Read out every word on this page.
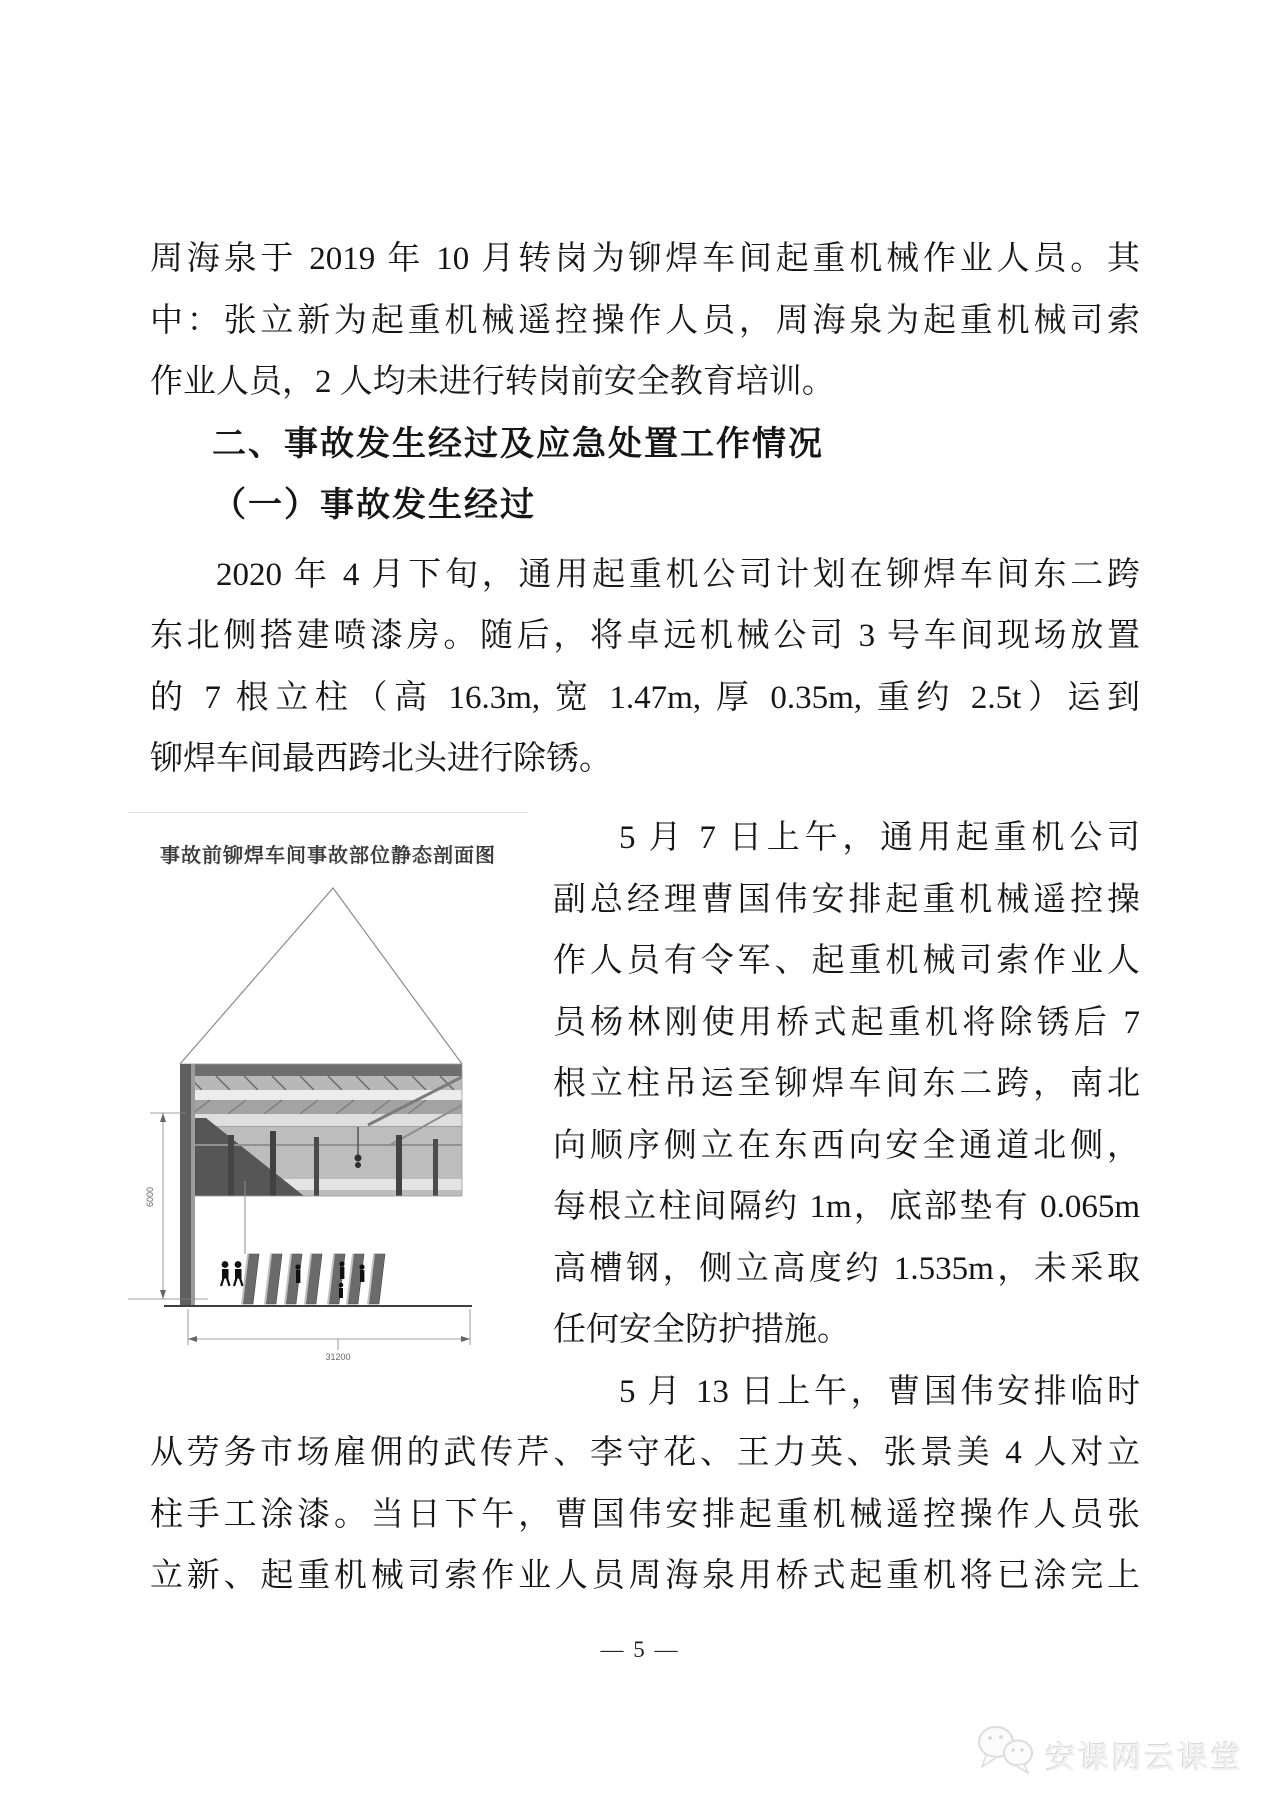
周海泉于 2019 年 10 月转岗为铆焊车间起重机械作业人员。其
中：张立新为起重机械遥控操作人员，周海泉为起重机械司索
作业人员，2 人均未进行转岗前安全教育培训。
二、事故发生经过及应急处置工作情况
（一）事故发生经过
2020 年 4 月下旬，通用起重机公司计划在铆焊车间东二跨
东北侧搭建喷漆房。随后，将卓远机械公司 3 号车间现场放置
的 7 根立柱（高 16.3m, 宽 1.47m, 厚 0.35m, 重约 2.5t）运到
铆焊车间最西跨北头进行除锈。
事故前铆焊车间事故部位静态剖面图
6000
31200
5 月 7 日上午，通用起重机公司
副总经理曹国伟安排起重机械遥控操
作人员有令军、起重机械司索作业人
员杨林刚使用桥式起重机将除锈后 7
根立柱吊运至铆焊车间东二跨，南北
向顺序侧立在东西向安全通道北侧，
每根立柱间隔约 1m，底部垫有 0.065m
高槽钢，侧立高度约 1.535m，未采取
任何安全防护措施。
5 月 13 日上午，曹国伟安排临时
从劳务市场雇佣的武传芹、李守花、王力英、张景美 4 人对立
柱手工涂漆。当日下午，曹国伟安排起重机械遥控操作人员张
立新、起重机械司索作业人员周海泉用桥式起重机将已涂完上
— 5 —
安课网云课堂
